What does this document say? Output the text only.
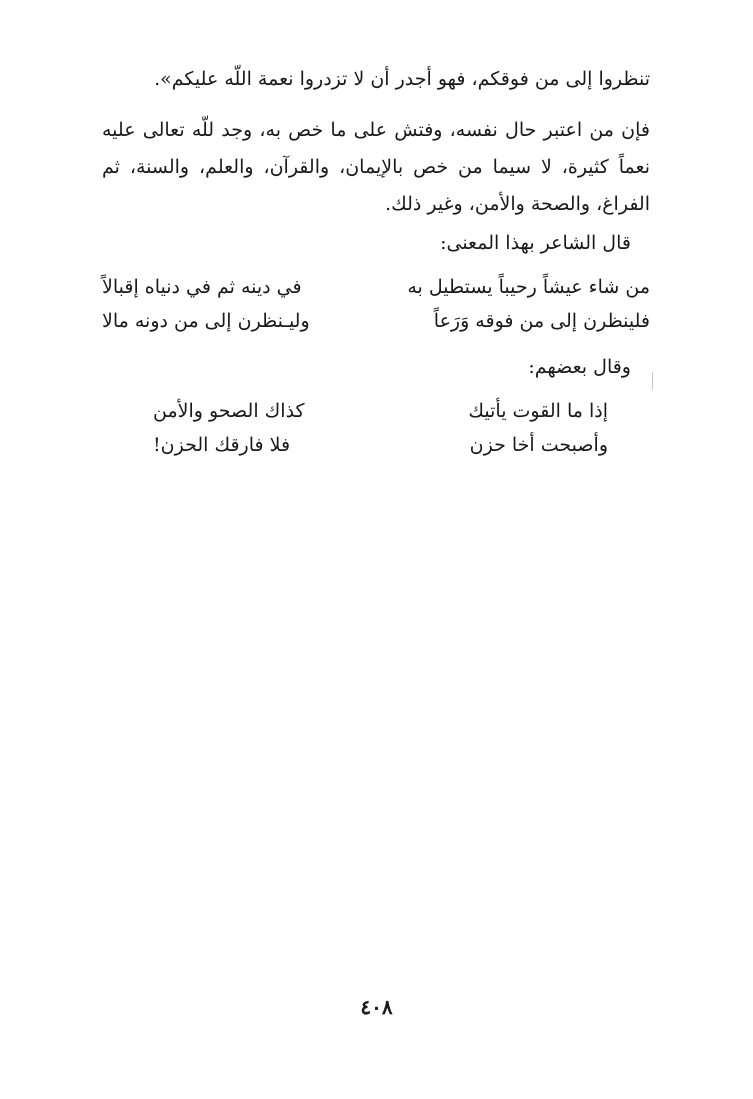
تنظروا إلى من فوقكم، فهو أجدر أن لا تزدروا نعمة اللّه عليكم».
فإن من اعتبر حال نفسه، وفتش على ما خص به، وجد للّه تعالى عليه نعماً كثيرة، لا سيما من خص بالإيمان، والقرآن، والعلم، والسنة، ثم الفراغ، والصحة والأمن، وغير ذلك.
قال الشاعر بهذا المعنى:
من شاء عيشاً رحيباً يستطيل به
في دينه ثم في دنياه إقبالاً
فلينظرن إلى من فوقه وَرَعاً
وليـنظرن إلى من دونه مالا
وقال بعضهم:
إذا ما القوت يأتيك
كذاك الصحو والأمن
وأصبحت أخا حزن
فلا فارقك الحزن!
٤٠٨
